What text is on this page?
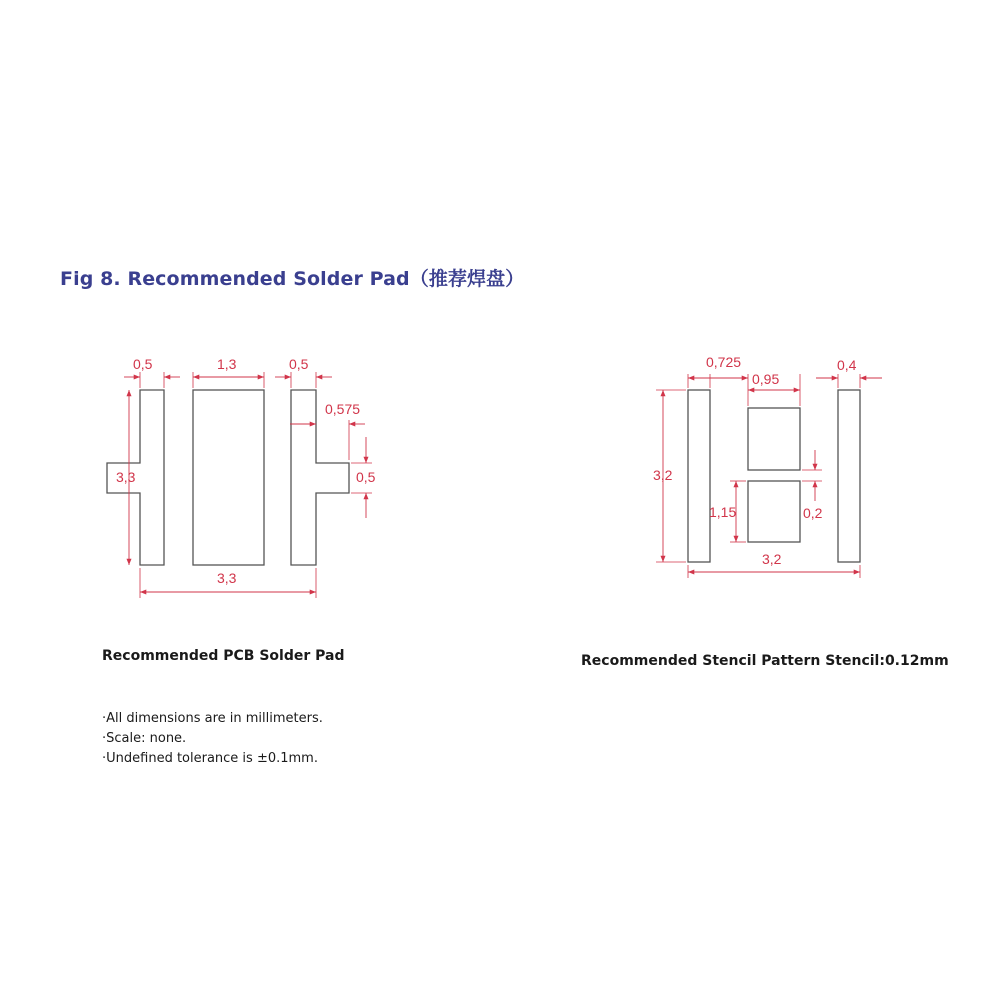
Fig 8. Recommended Solder Pad（推荐焊盘）
0,5	1,3	0,5
0,575
0,5
3,3
3,3
0,725
0,95
0,4
3,2
1,15	0,2
3,2
Recommended PCB Solder Pad	Recommended Stencil Pattern Stencil:0.12mm
·All dimensions are in millimeters.
·Scale: none.
·Undefined tolerance is ±0.1mm.
